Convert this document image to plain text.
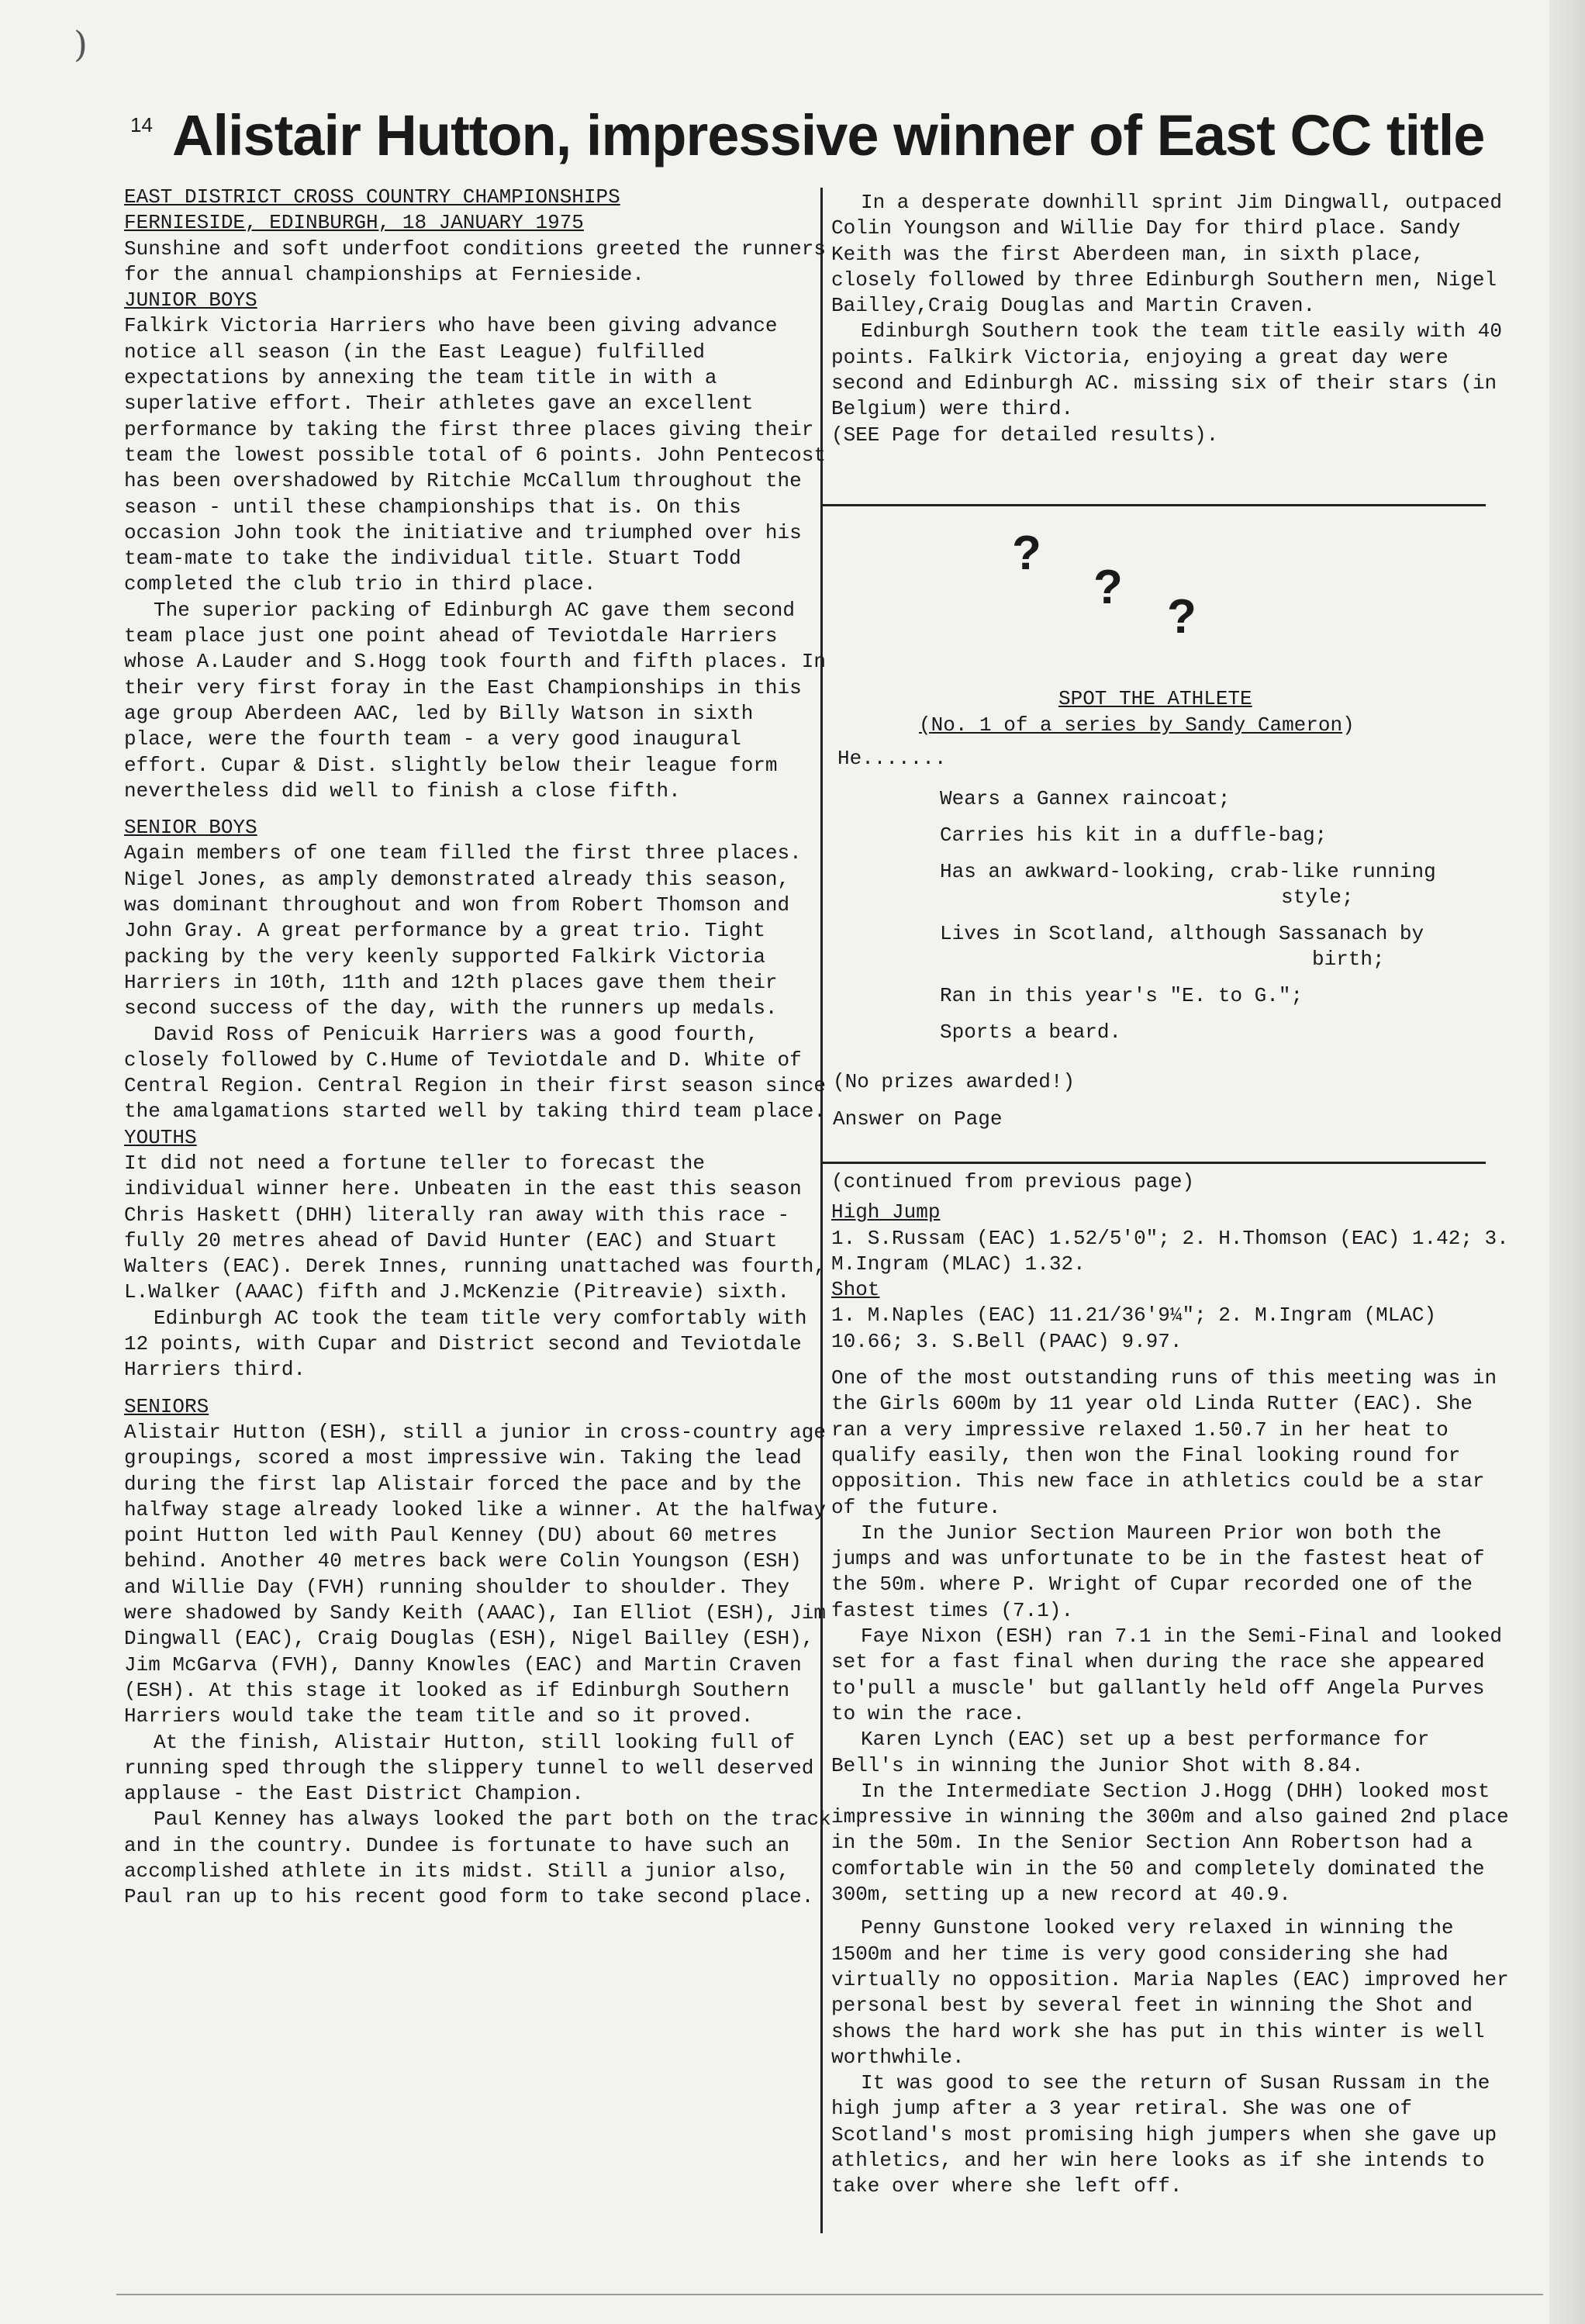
)
14 Alistair Hutton, impressive winner of East CC title

EAST DISTRICT CROSS COUNTRY CHAMPIONSHIPS

FERNIESIDE, EDINBURGH, 18 JANUARY 1975

Sunshine and soft underfoot conditions greeted the runners for the annual championships at Fernieside.

JUNIOR BOYS

Falkirk Victoria Harriers who have been giving advance notice all season (in the East League) fulfilled expectations by annexing the team title in with a superlative effort. Their athletes gave an excellent performance by taking the first three places giving their team the lowest possible total of 6 points. John Pentecost has been overshadowed by Ritchie McCallum throughout the season - until these championships that is. On this occasion John took the initiative and triumphed over his team-mate to take the individual title. Stuart Todd completed the club trio in third place.

The superior packing of Edinburgh AC gave them second team place just one point ahead of Teviotdale Harriers whose A.Lauder and S.Hogg took fourth and fifth places. In their very first foray in the East Championships in this age group Aberdeen AAC, led by Billy Watson in sixth place, were the fourth team - a very good inaugural effort. Cupar & Dist. slightly below their league form nevertheless did well to finish a close fifth.

SENIOR BOYS

Again members of one team filled the first three places. Nigel Jones, as amply demonstrated already this season, was dominant throughout and won from Robert Thomson and John Gray. A great performance by a great trio. Tight packing by the very keenly supported Falkirk Victoria Harriers in 10th, 11th and 12th places gave them their second success of the day, with the runners up medals.

David Ross of Penicuik Harriers was a good fourth, closely followed by C.Hume of Teviotdale and D. White of Central Region. Central Region in their first season since the amalgamations started well by taking third team place.

YOUTHS

It did not need a fortune teller to forecast the individual winner here. Unbeaten in the east this season Chris Haskett (DHH) literally ran away with this race - fully 20 metres ahead of David Hunter (EAC) and Stuart Walters (EAC). Derek Innes, running unattached was fourth, L.Walker (AAAC) fifth and J.McKenzie (Pitreavie) sixth.

Edinburgh AC took the team title very comfortably with 12 points, with Cupar and District second and Teviotdale Harriers third.

SENIORS

Alistair Hutton (ESH), still a junior in cross-country age groupings, scored a most impressive win. Taking the lead during the first lap Alistair forced the pace and by the halfway stage already looked like a winner. At the halfway point Hutton led with Paul Kenney (DU) about 60 metres behind. Another 40 metres back were Colin Youngson (ESH) and Willie Day (FVH) running shoulder to shoulder. They were shadowed by Sandy Keith (AAAC), Ian Elliot (ESH), Jim Dingwall (EAC), Craig Douglas (ESH), Nigel Bailley (ESH), Jim McGarva (FVH), Danny Knowles (EAC) and Martin Craven (ESH). At this stage it looked as if Edinburgh Southern Harriers would take the team title and so it proved.

At the finish, Alistair Hutton, still looking full of running sped through the slippery tunnel to well deserved applause - the East District Champion.

Paul Kenney has always looked the part both on the track and in the country. Dundee is fortunate to have such an accomplished athlete in its midst. Still a junior also, Paul ran up to his recent good form to take second place.

In a desperate downhill sprint Jim Dingwall, outpaced Colin Youngson and Willie Day for third place. Sandy Keith was the first Aberdeen man, in sixth place, closely followed by three Edinburgh Southern men, Nigel Bailley,Craig Douglas and Martin Craven.

Edinburgh Southern took the team title easily with 40 points. Falkirk Victoria, enjoying a great day were second and Edinburgh AC. missing six of their stars (in Belgium) were third.

(SEE Page for detailed results).

?
?
?
SPOT THE ATHLETE
(No. 1 of a series by Sandy Cameron)
He.......

Wears a Gannex raincoat;

Carries his kit in a duffle-bag;

Has an awkward-looking, crab-like running
style;

Lives in Scotland, although Sassanach by
birth;

Ran in this year's "E. to G.";

Sports a beard.

(No prizes awarded!)
Answer on Page

(continued from previous page)

High Jump

1. S.Russam (EAC) 1.52/5'0"; 2. H.Thomson (EAC) 1.42; 3. M.Ingram (MLAC) 1.32.

Shot

1. M.Naples (EAC) 11.21/36'9¼"; 2. M.Ingram (MLAC) 10.66; 3. S.Bell (PAAC) 9.97.

One of the most outstanding runs of this meeting was in the Girls 600m by 11 year old Linda Rutter (EAC). She ran a very impressive relaxed 1.50.7 in her heat to qualify easily, then won the Final looking round for opposition. This new face in athletics could be a star of the future.

In the Junior Section Maureen Prior won both the jumps and was unfortunate to be in the fastest heat of the 50m. where P. Wright of Cupar recorded one of the fastest times (7.1).

Faye Nixon (ESH) ran 7.1 in the Semi-Final and looked set for a fast final when during the race she appeared to'pull a muscle' but gallantly held off Angela Purves to win the race.

Karen Lynch (EAC) set up a best performance for Bell's in winning the Junior Shot with 8.84.

In the Intermediate Section J.Hogg (DHH) looked most impressive in winning the 300m and also gained 2nd place in the 50m. In the Senior Section Ann Robertson had a comfortable win in the 50 and completely dominated the 300m, setting up a new record at 40.9.

Penny Gunstone looked very relaxed in winning the 1500m and her time is very good considering she had virtually no opposition. Maria Naples (EAC) improved her personal best by several feet in winning the Shot and shows the hard work she has put in this winter is well worthwhile.

It was good to see the return of Susan Russam in the high jump after a 3 year retiral. She was one of Scotland's most promising high jumpers when she gave up athletics, and her win here looks as if she intends to take over where she left off.
